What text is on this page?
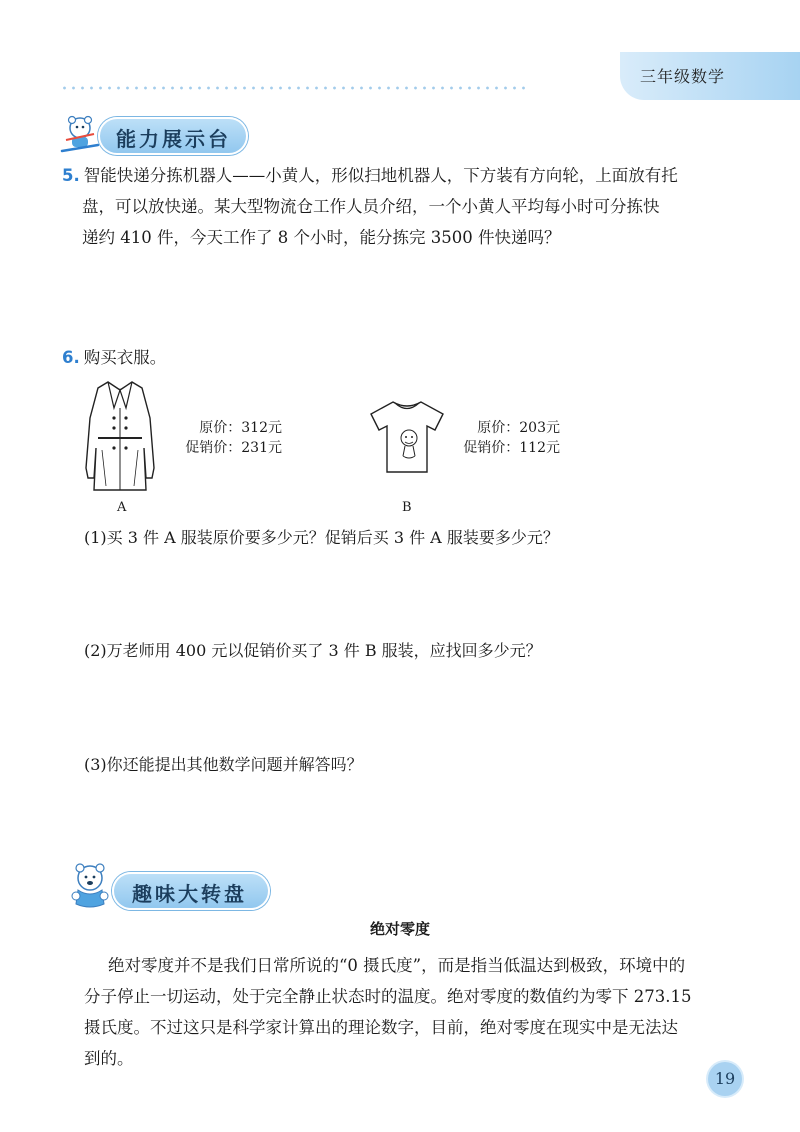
三年级数学
能力展示台
5. 智能快递分拣机器人——小黄人，形似扫地机器人，下方装有方向轮，上面放有托
盘，可以放快递。某大型物流仓工作人员介绍，一个小黄人平均每小时可分拣快
递约 410 件，今天工作了 8 个小时，能分拣完 3500 件快递吗？
6. 购买衣服。
原价：312元
促销价：231元
A
原价：203元
促销价：112元
B
(1)买 3 件 A 服装原价要多少元？促销后买 3 件 A 服装要多少元？
(2)万老师用 400 元以促销价买了 3 件 B 服装，应找回多少元？
(3)你还能提出其他数学问题并解答吗？
趣味大转盘
绝对零度
绝对零度并不是我们日常所说的“0 摄氏度”，而是指当低温达到极致，环境中的
分子停止一切运动，处于完全静止状态时的温度。绝对零度的数值约为零下 273.15
摄氏度。不过这只是科学家计算出的理论数字，目前，绝对零度在现实中是无法达
到的。
19
